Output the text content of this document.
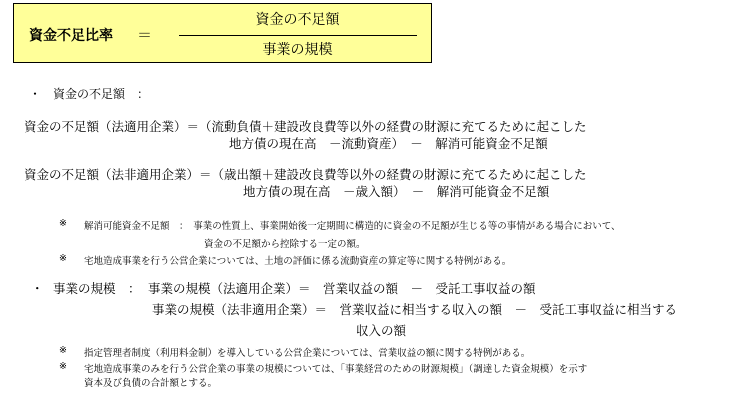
資金不足比率 ＝
資金の不足額
事業の規模
・ 資金の不足額　：
資金の不足額（法適用企業）＝（流動負債＋建設改良費等以外の経費の財源に充てるために起こした
地方債の現在高　－流動資産）　－　解消可能資金不足額
資金の不足額（法非適用企業）＝（歳出額＋建設改良費等以外の経費の財源に充てるために起こした
地方債の現在高　－歳入額）　－　解消可能資金不足額
※ 解消可能資金不足額　：　事業の性質上、事業開始後一定期間に構造的に資金の不足額が生じる等の事情がある場合において、
資金の不足額から控除する一定の額。
※ 宅地造成事業を行う公営企業については、土地の評価に係る流動資産の算定等に関する特例がある。
・ 事業の規模　： 事業の規模（法適用企業）＝　営業収益の額　－　受託工事収益の額
事業の規模（法非適用企業）＝　営業収益に相当する収入の額　－　受託工事収益に相当する
収入の額
※ 指定管理者制度（利用料金制）を導入している公営企業については、営業収益の額に関する特例がある。
※ 宅地造成事業のみを行う公営企業の事業の規模については、「事業経営のための財源規模」（調達した資金規模）を示す
資本及び負債の合計額とする。
